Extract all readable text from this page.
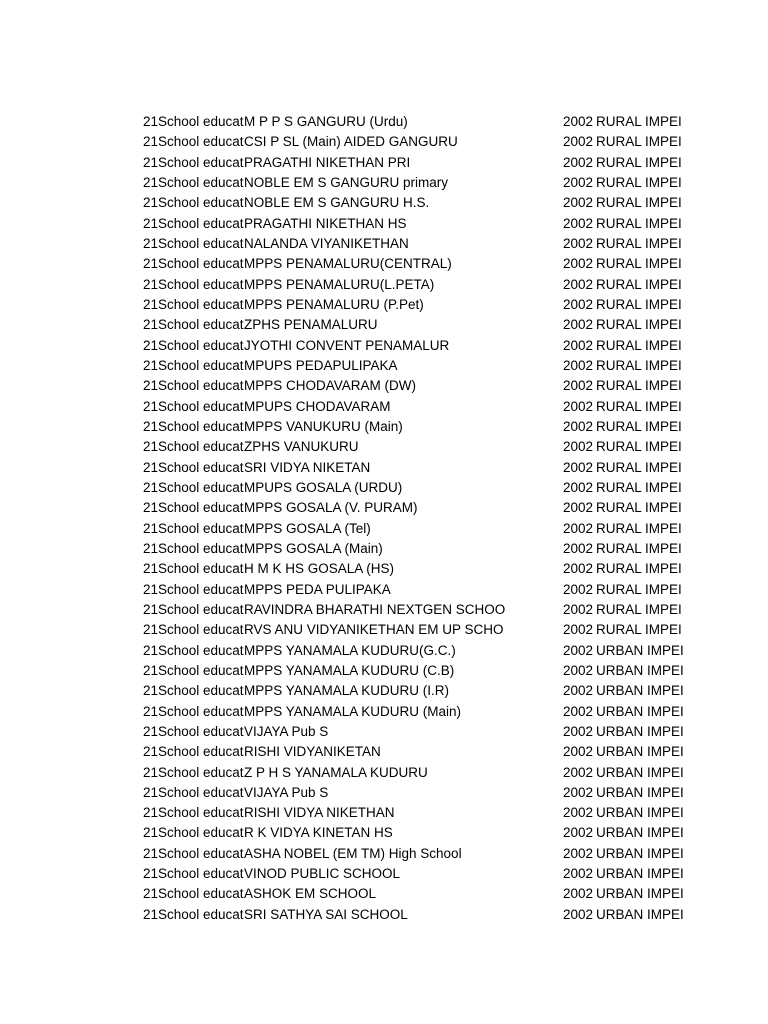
21 School educat M P P S GANGURU (Urdu)	2002 RURAL IMPEI
21 School educat CSI P SL (Main) AIDED GANGURU	2002 RURAL IMPEI
21 School educat PRAGATHI NIKETHAN PRI	2002 RURAL IMPEI
21 School educat NOBLE EM S GANGURU primary	2002 RURAL IMPEI
21 School educat NOBLE EM S GANGURU H.S.	2002 RURAL IMPEI
21 School educat PRAGATHI NIKETHAN HS	2002 RURAL IMPEI
21 School educat NALANDA VIYANIKETHAN	2002 RURAL IMPEI
21 School educat MPPS PENAMALURU(CENTRAL)	2002 RURAL IMPEI
21 School educat MPPS PENAMALURU(L.PETA)	2002 RURAL IMPEI
21 School educat MPPS PENAMALURU (P.Pet)	2002 RURAL IMPEI
21 School educat ZPHS PENAMALURU	2002 RURAL IMPEI
21 School educat JYOTHI CONVENT PENAMALUR	2002 RURAL IMPEI
21 School educat MPUPS PEDAPULIPAKA	2002 RURAL IMPEI
21 School educat MPPS CHODAVARAM (DW)	2002 RURAL IMPEI
21 School educat MPUPS CHODAVARAM	2002 RURAL IMPEI
21 School educat MPPS VANUKURU (Main)	2002 RURAL IMPEI
21 School educat ZPHS VANUKURU	2002 RURAL IMPEI
21 School educat SRI VIDYA NIKETAN	2002 RURAL IMPEI
21 School educat MPUPS GOSALA (URDU)	2002 RURAL IMPEI
21 School educat MPPS GOSALA (V. PURAM)	2002 RURAL IMPEI
21 School educat MPPS GOSALA (Tel)	2002 RURAL IMPEI
21 School educat MPPS GOSALA (Main)	2002 RURAL IMPEI
21 School educat H M K HS GOSALA (HS)	2002 RURAL IMPEI
21 School educat MPPS PEDA PULIPAKA	2002 RURAL IMPEI
21 School educat RAVINDRA BHARATHI NEXTGEN SCHOO	2002 RURAL IMPEI
21 School educat RVS ANU VIDYANIKETHAN EM UP SCHO	2002 RURAL IMPEI
21 School educat MPPS YANAMALA KUDURU(G.C.)	2002 URBAN IMPEI
21 School educat MPPS YANAMALA KUDURU (C.B)	2002 URBAN IMPEI
21 School educat MPPS YANAMALA KUDURU (I.R)	2002 URBAN IMPEI
21 School educat MPPS YANAMALA KUDURU (Main)	2002 URBAN IMPEI
21 School educat VIJAYA Pub S	2002 URBAN IMPEI
21 School educat RISHI VIDYANIKETAN	2002 URBAN IMPEI
21 School educat Z P H S YANAMALA KUDURU	2002 URBAN IMPEI
21 School educat VIJAYA Pub S	2002 URBAN IMPEI
21 School educat RISHI VIDYA NIKETHAN	2002 URBAN IMPEI
21 School educat R K VIDYA KINETAN HS	2002 URBAN IMPEI
21 School educat ASHA NOBEL (EM TM) High School	2002 URBAN IMPEI
21 School educat VINOD PUBLIC SCHOOL	2002 URBAN IMPEI
21 School educat ASHOK EM SCHOOL	2002 URBAN IMPEI
21 School educat SRI SATHYA SAI SCHOOL	2002 URBAN IMPEI
